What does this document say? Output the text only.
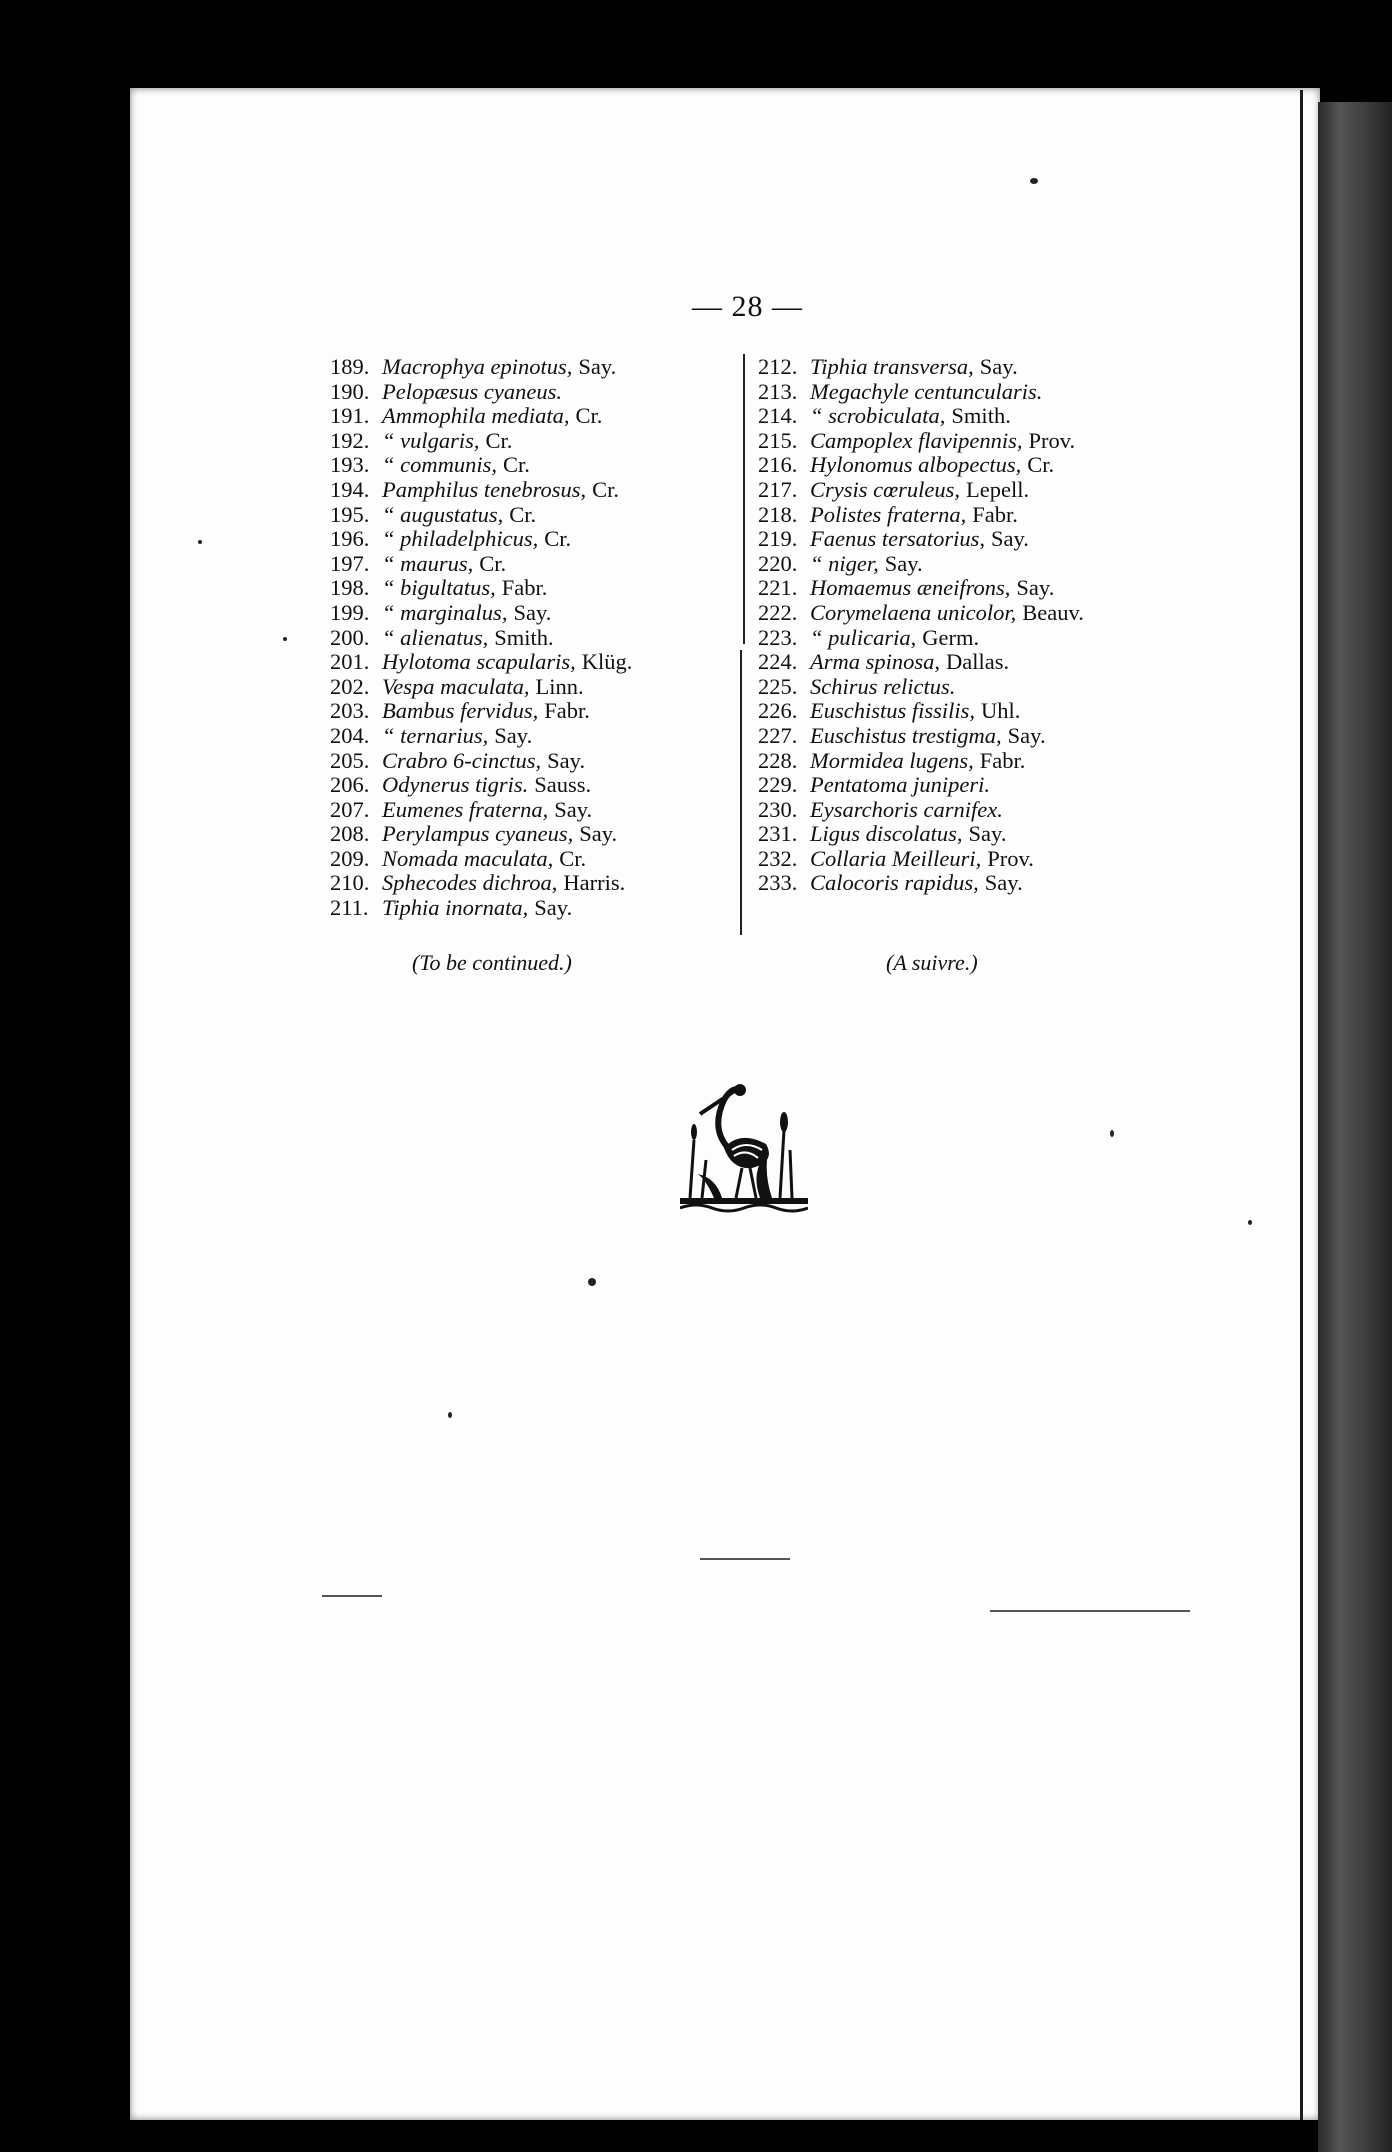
— 28 —
189. Macrophya epinotus, Say.
190. Pelopæsus cyaneus.
191. Ammophila mediata, Cr.
192. “ vulgaris, Cr.
193. “ communis, Cr.
194. Pamphilus tenebrosus, Cr.
195. “ augustatus, Cr.
196. “ philadelphicus, Cr.
197. “ maurus, Cr.
198. “ bigultatus, Fabr.
199. “ marginalus, Say.
200. “ alienatus, Smith.
201. Hylotoma scapularis, Klüg.
202. Vespa maculata, Linn.
203. Bambus fervidus, Fabr.
204. “ ternarius, Say.
205. Crabro 6-cinctus, Say.
206. Odynerus tigris. Sauss.
207. Eumenes fraterna, Say.
208. Perylampus cyaneus, Say.
209. Nomada maculata, Cr.
210. Sphecodes dichroa, Harris.
211. Tiphia inornata, Say.
212. Tiphia transversa, Say.
213. Megachyle centuncularis.
214. “ scrobiculata, Smith.
215. Campoplex flavipennis, Prov.
216. Hylonomus albopectus, Cr.
217. Crysis cœruleus, Lepell.
218. Polistes fraterna, Fabr.
219. Faenus tersatorius, Say.
220. “ niger, Say.
221. Homaemus æneifrons, Say.
222. Corymelaena unicolor, Beauv.
223. “ pulicaria, Germ.
224. Arma spinosa, Dallas.
225. Schirus relictus.
226. Euschistus fissilis, Uhl.
227. Euschistus trestigma, Say.
228. Mormidea lugens, Fabr.
229. Pentatoma juniperi.
230. Eysarchoris carnifex.
231. Ligus discolatus, Say.
232. Collaria Meilleuri, Prov.
233. Calocoris rapidus, Say.
(To be continued.)	(A suivre.)
